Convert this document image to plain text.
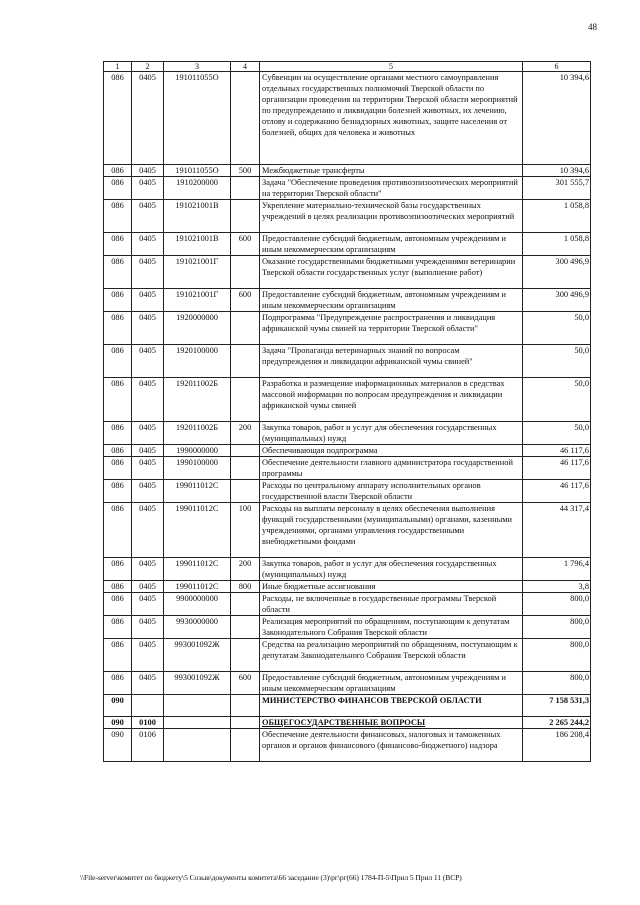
48
1	2	3	4	5	6
086	0405	191011055О		Субвенции на осуществление органами местного самоуправления отдельных государственных полномочий Тверской области по организации проведения на территории Тверской области мероприятий по предупреждению и ликвидации болезней животных, их лечению, отлову и содержанию безнадзорных животных, защите населения от болезней, общих для человека и животных	10 394,6
086	0405	191011055О	500	Межбюджетные трансферты	10 394,6
086	0405	1910200000		Задача "Обеспечение проведения противоэпизоотических мероприятий на территории Тверской области"	301 555,7
086	0405	191021001В		Укрепление материально-технической базы государственных учреждений в целях реализации противоэпизоотических мероприятий	1 058,8
086	0405	191021001В	600	Предоставление субсидий бюджетным, автономным учреждениям и иным некоммерческим организациям	1 058,8
086	0405	191021001Г		Оказание государственными бюджетными учреждениями ветеринарии Тверской области государственных услуг (выполнение работ)	300 496,9
086	0405	191021001Г	600	Предоставление субсидий бюджетным, автономным учреждениям и иным некоммерческим организациям	300 496,9
086	0405	1920000000		Подпрограмма "Предупреждение распространения и ликвидация африканской чумы свиней на территории Тверской области"	50,0
086	0405	1920100000		Задача "Пропаганда ветеринарных знаний по вопросам предупреждения и ликвидации африканской чумы свиней"	50,0
086	0405	192011002Б		Разработка и размещение информационных материалов в средствах массовой информации по вопросам предупреждения и ликвидации африканской чумы свиней	50,0
086	0405	192011002Б	200	Закупка товаров, работ и услуг для обеспечения государственных (муниципальных) нужд	50,0
086	0405	1990000000		Обеспечивающая подпрограмма	46 117,6
086	0405	1990100000		Обеспечение деятельности главного администратора государственной программы	46 117,6
086	0405	199011012С		Расходы по центральному аппарату исполнительных органов государственной власти Тверской области	46 117,6
086	0405	199011012С	100	Расходы на выплаты персоналу в целях обеспечения выполнения функций государственными (муниципальными) органами, казенными учреждениями, органами управления государственными внебюджетными фондами	44 317,4
086	0405	199011012С	200	Закупка товаров, работ и услуг для обеспечения государственных (муниципальных) нужд	1 796,4
086	0405	199011012С	800	Иные бюджетные ассигнования	3,8
086	0405	9900000000		Расходы, не включенные в государственные программы Тверской области	800,0
086	0405	9930000000		Реализация мероприятий по обращениям, поступающим к депутатам Законодательного Собрания Тверской области	800,0
086	0405	993001092Ж		Средства на реализацию мероприятий по обращениям, поступающим к депутатам Законодательного Собрания Тверской области	800,0
086	0405	993001092Ж	600	Предоставление субсидий бюджетным, автономным учреждениям и иным некоммерческим организациям	800,0
090				МИНИСТЕРСТВО ФИНАНСОВ ТВЕРСКОЙ ОБЛАСТИ	7 158 531,3
090	0100			ОБЩЕГОСУДАРСТВЕННЫЕ ВОПРОСЫ	2 265 244,2
090	0106			Обеспечение деятельности финансовых, налоговых и таможенных органов и органов финансового (финансово-бюджетного) надзора	186 208,4
\\File-server\комитет по бюджету\5 Созыв\документы комитета\66 заседание (3)\рг\рг(66) 1784-П-5\Прил 5 Прил 11 (ВСР)
